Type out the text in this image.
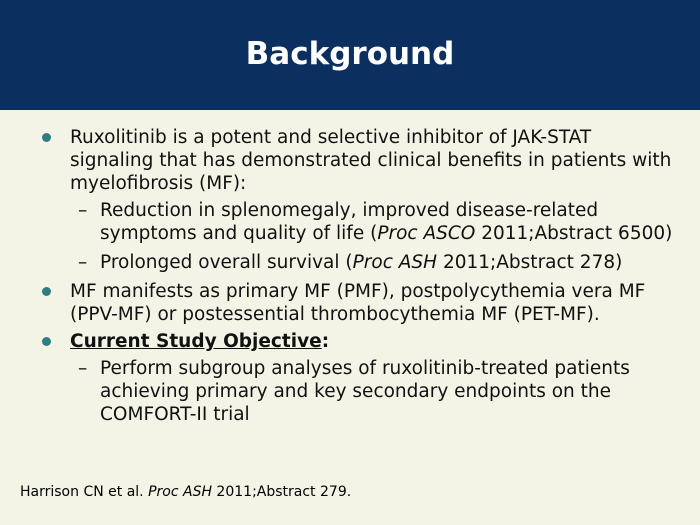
Background
Ruxolitinib is a potent and selective inhibitor of JAK-STAT signaling that has demonstrated clinical benefits in patients with myelofibrosis (MF):
– Reduction in splenomegaly, improved disease-related symptoms and quality of life (Proc ASCO 2011;Abstract 6500)
– Prolonged overall survival (Proc ASH 2011;Abstract 278)
MF manifests as primary MF (PMF), postpolycythemia vera MF (PPV-MF) or postessential thrombocythemia MF (PET-MF).
Current Study Objective:
– Perform subgroup analyses of ruxolitinib-treated patients achieving primary and key secondary endpoints on the COMFORT-II trial
Harrison CN et al. Proc ASH 2011;Abstract 279.
